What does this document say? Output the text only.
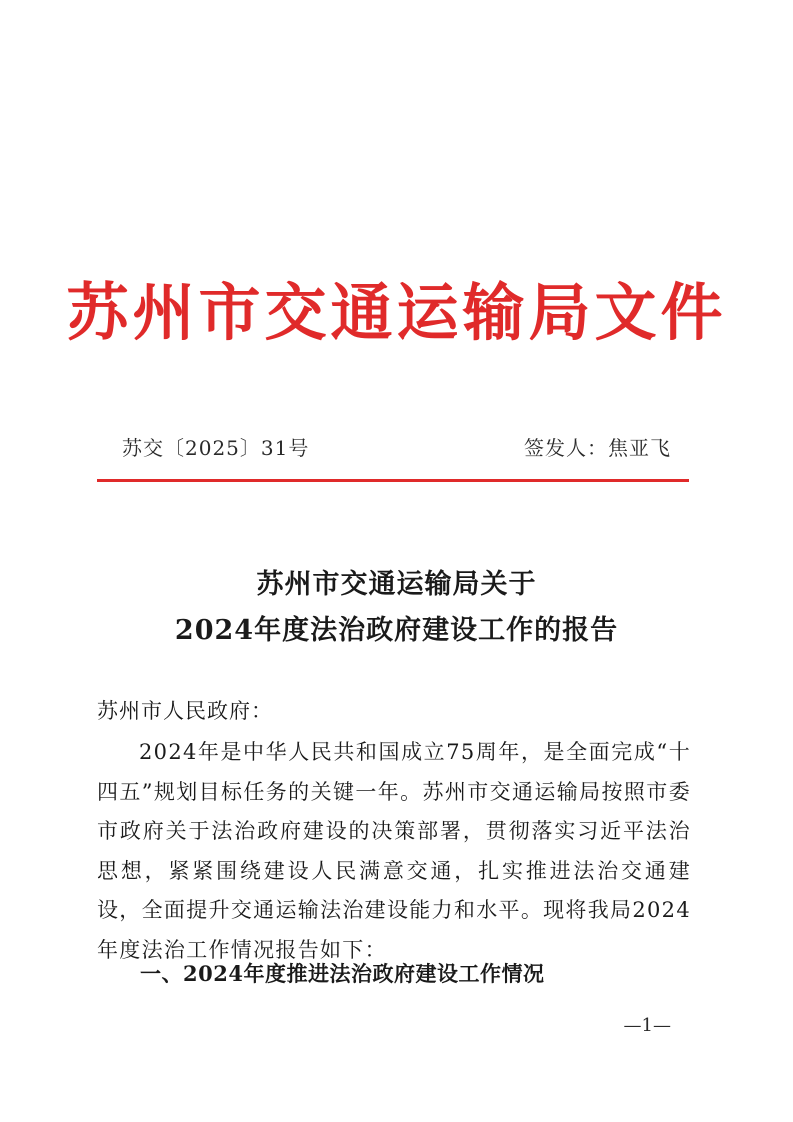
苏州市交通运输局文件
苏交〔2025〕31号	签发人：焦亚飞
苏州市交通运输局关于
2024年度法治政府建设工作的报告
苏州市人民政府：

2024年是中华人民共和国成立75周年，是全面完成“十四五”规划目标任务的关键一年。苏州市交通运输局按照市委市政府关于法治政府建设的决策部署，贯彻落实习近平法治思想，紧紧围绕建设人民满意交通，扎实推进法治交通建设，全面提升交通运输法治建设能力和水平。现将我局2024年度法治工作情况报告如下：

一、2024年度推进法治政府建设工作情况
—1—
